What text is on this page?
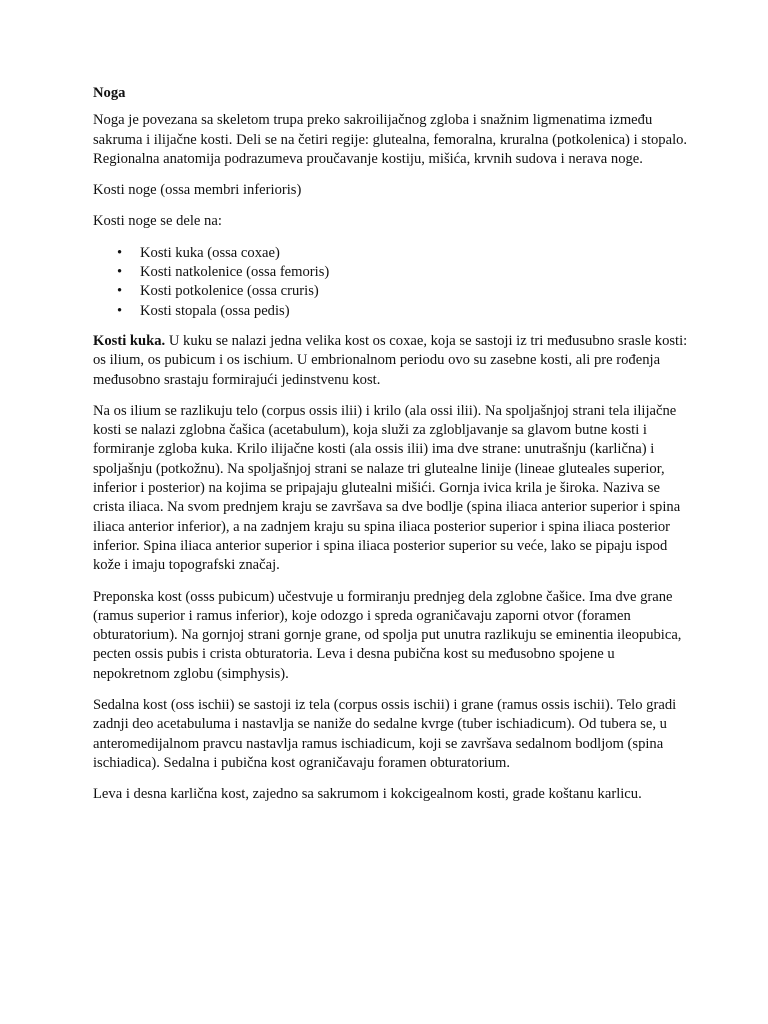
Noga

Noga je povezana sa skeletom trupa preko sakroilijačnog zgloba i snažnim ligmenatima između sakruma i ilijačne kosti. Deli se na četiri regije: glutealna, femoralna, kruralna (potkolenica) i stopalo. Regionalna anatomija podrazumeva proučavanje kostiju, mišića, krvnih sudova i nerava noge.

Kosti noge (ossa membri inferioris)

Kosti noge se dele na:

• Kosti kuka (ossa coxae)
• Kosti natkolenice (ossa femoris)
• Kosti potkolenice (ossa cruris)
• Kosti stopala (ossa pedis)

Kosti kuka. U kuku se nalazi jedna velika kost os coxae, koja se sastoji iz tri međusubno srasle kosti: os ilium, os pubicum i os ischium. U embrionalnom periodu ovo su zasebne kosti, ali pre rođenja međusobno srastaju formirajući jedinstvenu kost.

Na os ilium se razlikuju telo (corpus ossis ilii) i krilo (ala ossi ilii). Na spoljašnjoj strani tela ilijačne kosti se nalazi zglobna čašica (acetabulum), koja služi za zglobljavanje sa glavom butne kosti i formiranje zgloba kuka. Krilo ilijačne kosti (ala ossis ilii) ima dve strane: unutrašnju (karlična) i spoljašnju (potkožnu). Na spoljašnjoj strani se nalaze tri glutealne linije (lineae gluteales superior, inferior i posterior) na kojima se pripajaju glutealni mišići. Gornja ivica krila je široka. Naziva se crista iliaca. Na svom prednjem kraju se završava sa dve bodlje (spina iliaca anterior superior i spina iliaca anterior inferior), a na zadnjem kraju su spina iliaca posterior superior i spina iliaca posterior inferior. Spina iliaca anterior superior i spina iliaca posterior superior su veće, lako se pipaju ispod kože i imaju topografski značaj.

Preponska kost (osss pubicum) učestvuje u formiranju prednjeg dela zglobne čašice. Ima dve grane (ramus superior i ramus inferior), koje odozgo i spreda ograničavaju zaporni otvor (foramen obturatorium). Na gornjoj strani gornje grane, od spolja put unutra razlikuju se eminentia ileopubica, pecten ossis pubis i crista obturatoria. Leva i desna pubična kost su međusobno spojene u nepokretnom zglobu (simphysis).

Sedalna kost (oss ischii) se sastoji iz tela (corpus ossis ischii) i grane (ramus ossis ischii). Telo gradi zadnji deo acetabuluma i nastavlja se naniže do sedalne kvrge (tuber ischiadicum). Od tubera se, u anteromedijalnom pravcu nastavlja ramus ischiadicum, koji se završava sedalnom bodljom (spina ischiadica). Sedalna i pubična kost ograničavaju foramen obturatorium.

Leva i desna karlična kost, zajedno sa sakrumom i kokcigealnom kosti, grade koštanu karlicu.
